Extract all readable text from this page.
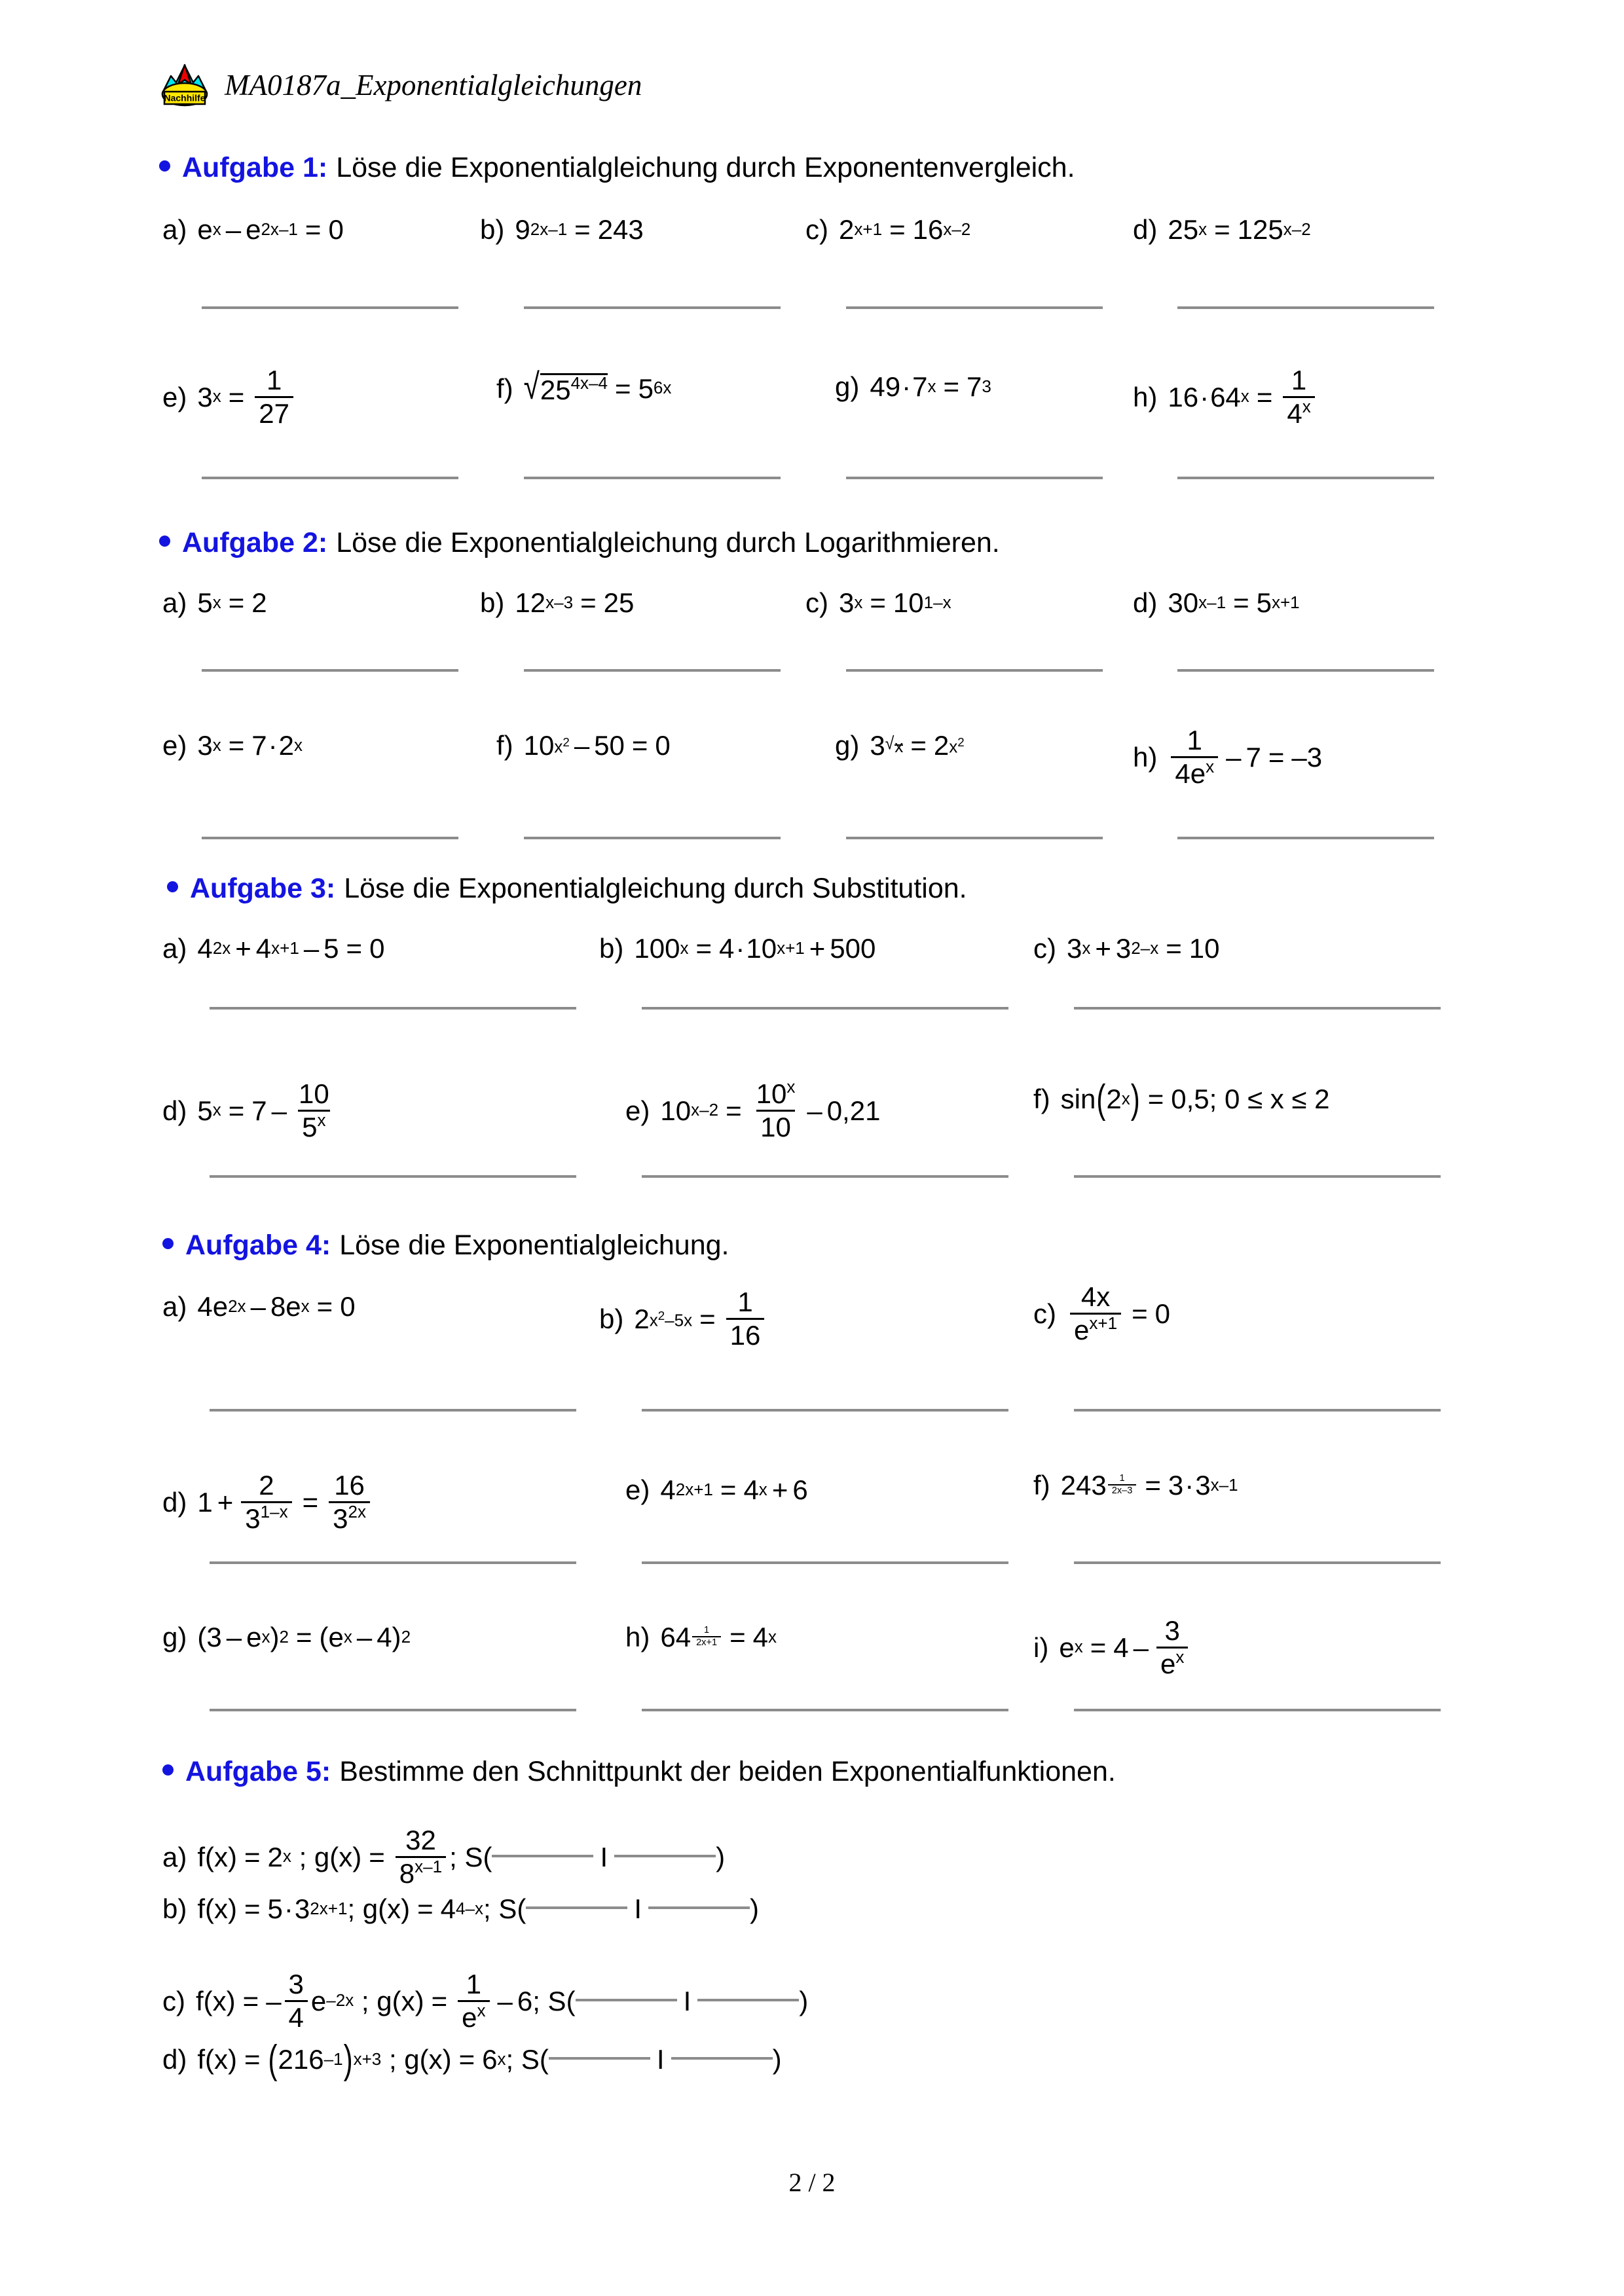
Nachhilfe MA0187a_Exponentialgleichungen
Aufgabe 1: Löse die Exponentialgleichung durch Exponentenvergleich.
a) $e^x - e^{2x-1} = 0$	b) $9^{2x-1} = 243$	c) $2^{x+1} = 16^{x-2}$	d) $25^x = 125^{x-2}$
e) $3^x = \frac{1}{27}$	f) √ $25^{4x-4} = 5^{6x}$	g) $49 \cdot 7^x = 7^3$	h) $16 \cdot 64^x = \frac{1}{4^x}$
Aufgabe 2: Löse die Exponentialgleichung durch Logarithmieren.
a) $5^x = 2$	b) $12^{x-3} = 25$	c) $3^x = 10^{1-x}$	d) $30^{x-1} = 5^{x+1}$
e) $3^x = 7 \cdot 2^x$	f) $10^{x^2} - 50 = 0$	g) 3 $^{√ x} = 2^{x^2}$	$h) \frac{1}{4e^x} - 7 = -3$
Aufgabe 3: Löse die Exponentialgleichung durch Substitution.
a) $4^{2x} + 4^{x+1} - 5 = 0$	b) $100^x = 4 \cdot 10^{x+1} + 500$	c) $3^x + 3^{2-x} = 10$
d) $5^x = 7 - \frac{10}{5^x}$	e) $10^{x-2} = \frac{10^x}{10} - 0,21$	f) sin ( 2$^x$ ) = 0,5; 0 ≤ x ≤ 2
Aufgabe 4: Löse die Exponentialgleichung.
a) $4e^{2x} - 8e^x = 0$	b) $2^{x^2-5x} = \frac{1}{16}$	$c) \frac{4x}{e^{x+1}} = 0$
d) $1 + \frac{2}{3^{1-x}} = \frac{16}{3^{2x}}$	e) $4^{2x+1} = 4^x + 6$	f) 243 $^{\frac{1}{2x-3}} = 3 \cdot 3^{x-1}$
g) ($3 - e^x$ )$^2 = (e^x - 4)^2$	h) 64 $^{\frac{1}{2x+1}} = 4^x$	i) $e^x = 4 - \frac{3}{e^x}$
Aufgabe 5: Bestimme den Schnittpunkt der beiden Exponentialfunktionen.
a) $f(x) = 2^x$ ; $g(x) = \frac{32}{8^{x-1}}$ ; S(	I	)
b) $f(x) = 5 \cdot 3^{2x+1}$ ; $g(x) = 4^{4-x}$ ; S(	I	)
c) f(x) = – $\frac{3}{4} e^{-2x}$ ; $g(x) = \frac{1}{e^x} - 6$; S(	I	)
d) f(x) = ( $216^{-1}$ )$^{x+3}$ ; $g(x) = 6^x$ ; S(	I	)
2 / 2
